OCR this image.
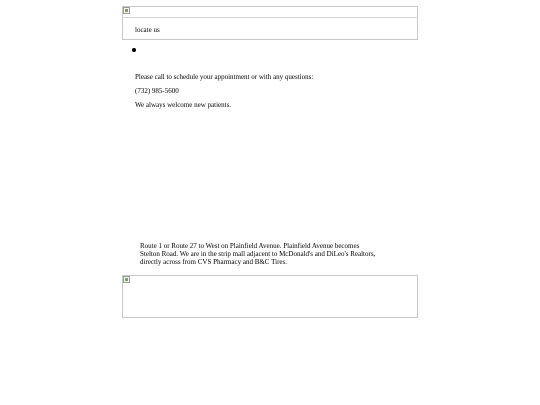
locate us
Please call to schedule your appointment or with any questions:
(732) 985-5600
We always welcome new patients.
Route 1 or Route 27 to West on Plainfield Avenue. Plainfield Avenue becomes Stelton Road. We are in the strip mall adjacent to McDonald's and DiLeo's Realtors, directly across from CVS Pharmacy and B&C Tires.
